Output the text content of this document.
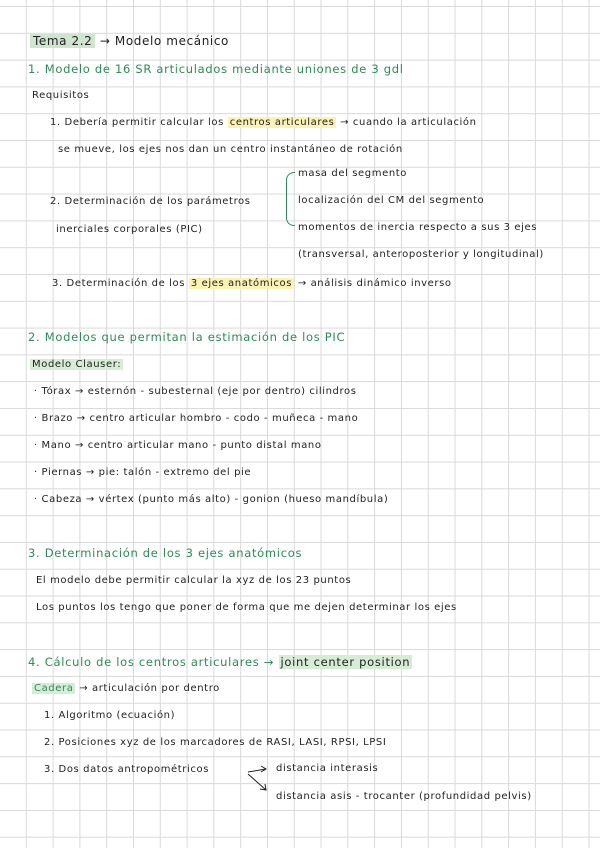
Tema 2.2 → Modelo mecánico
1. Modelo de 16 SR articulados mediante uniones de 3 gdl
Requisitos
1. Debería permitir calcular los centros articulares → cuando la articulación
se mueve, los ejes nos dan un centro instantáneo de rotación
2. Determinación de los parámetros
inerciales corporales (PIC)
masa del segmento
localización del CM del segmento
momentos de inercia respecto a sus 3 ejes
(transversal, anteroposterior y longitudinal)
3. Determinación de los 3 ejes anatómicos → análisis dinámico inverso
2. Modelos que permitan la estimación de los PIC
Modelo Clauser:
· Tórax → esternón - subesternal (eje por dentro) cilindros
· Brazo → centro articular hombro - codo - muñeca - mano
· Mano → centro articular mano - punto distal mano
· Piernas → pie: talón - extremo del pie
· Cabeza → vértex (punto más alto) - gonion (hueso mandíbula)
3. Determinación de los 3 ejes anatómicos
El modelo debe permitir calcular la xyz de los 23 puntos
Los puntos los tengo que poner de forma que me dejen determinar los ejes
4. Cálculo de los centros articulares → joint center position
Cadera → articulación por dentro
1. Algoritmo (ecuación)
2. Posiciones xyz de los marcadores de RASI, LASI, RPSI, LPSI
3. Dos datos antropométricos	distancia interasis
distancia asis - trocanter (profundidad pelvis)
